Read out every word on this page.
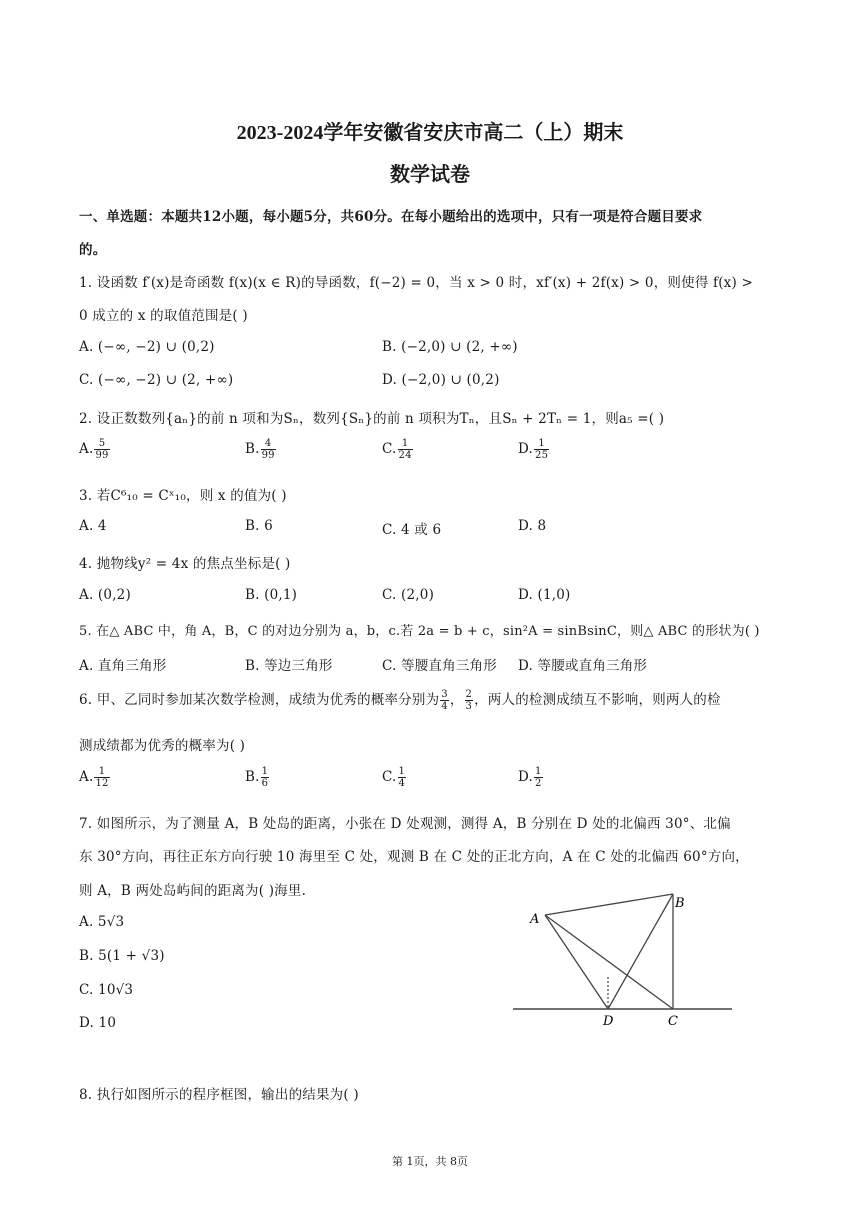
2023-2024学年安徽省安庆市高二（上）期末
数学试卷
一、单选题：本题共12小题，每小题5分，共60分。在每小题给出的选项中，只有一项是符合题目要求
的。
1. 设函数 f′(x)是奇函数 f(x)(x ∈ R)的导函数，f(−2) = 0，当 x > 0 时，xf′(x) + 2f(x) > 0，则使得 f(x) >
0 成立的 x 的取值范围是( )
A. (−∞, −2) ∪ (0,2)	B. (−2,0) ∪ (2, +∞)
C. (−∞, −2) ∪ (2, +∞)	D. (−2,0) ∪ (0,2)
2. 设正数数列{aₙ}的前 n 项和为Sₙ，数列{Sₙ}的前 n 项积为Tₙ，且Sₙ + 2Tₙ = 1，则a₅ =( )
A. $\frac{5}{99}$	B. $\frac{4}{99}$	C. $\frac{1}{24}$	D. $\frac{1}{25}$
3. 若C⁶₁₀ = Cˣ₁₀，则 x 的值为( )
A. 4	B. 6	C. 4 或 6	D. 8
4. 抛物线y² = 4x 的焦点坐标是( )
A. (0,2)	B. (0,1)	C. (2,0)	D. (1,0)
5. 在△ ABC 中，角 A，B，C 的对边分别为 a，b，c.若 2a = b + c，sin²A = sinBsinC，则△ ABC 的形状为( )
A. 直角三角形	B. 等边三角形	C. 等腰直角三角形 D. 等腰或直角三角形
6. 甲、乙同时参加某次数学检测，成绩为优秀的概率分别为 $\frac{3}{4}$ ， $\frac{2}{3}$ ，两人的检测成绩互不影响，则两人的检
测成绩都为优秀的概率为( )
A. $\frac{1}{12}$	B. $\frac{1}{6}$	C. $\frac{1}{4}$	D. $\frac{1}{2}$
7. 如图所示，为了测量 A，B 处岛的距离，小张在 D 处观测，测得 A，B 分别在 D 处的北偏西 30°、北偏
东 30°方向，再往正东方向行驶 10 海里至 C 处，观测 B 在 C 处的正北方向，A 在 C 处的北偏西 60°方向，
则 A，B 两处岛屿间的距离为( )海里.
A. 5√3
B. 5(1 + √3)
C. 10√3
D. 10
A
B
C
D
8. 执行如图所示的程序框图，输出的结果为( )
第 1页，共 8页
